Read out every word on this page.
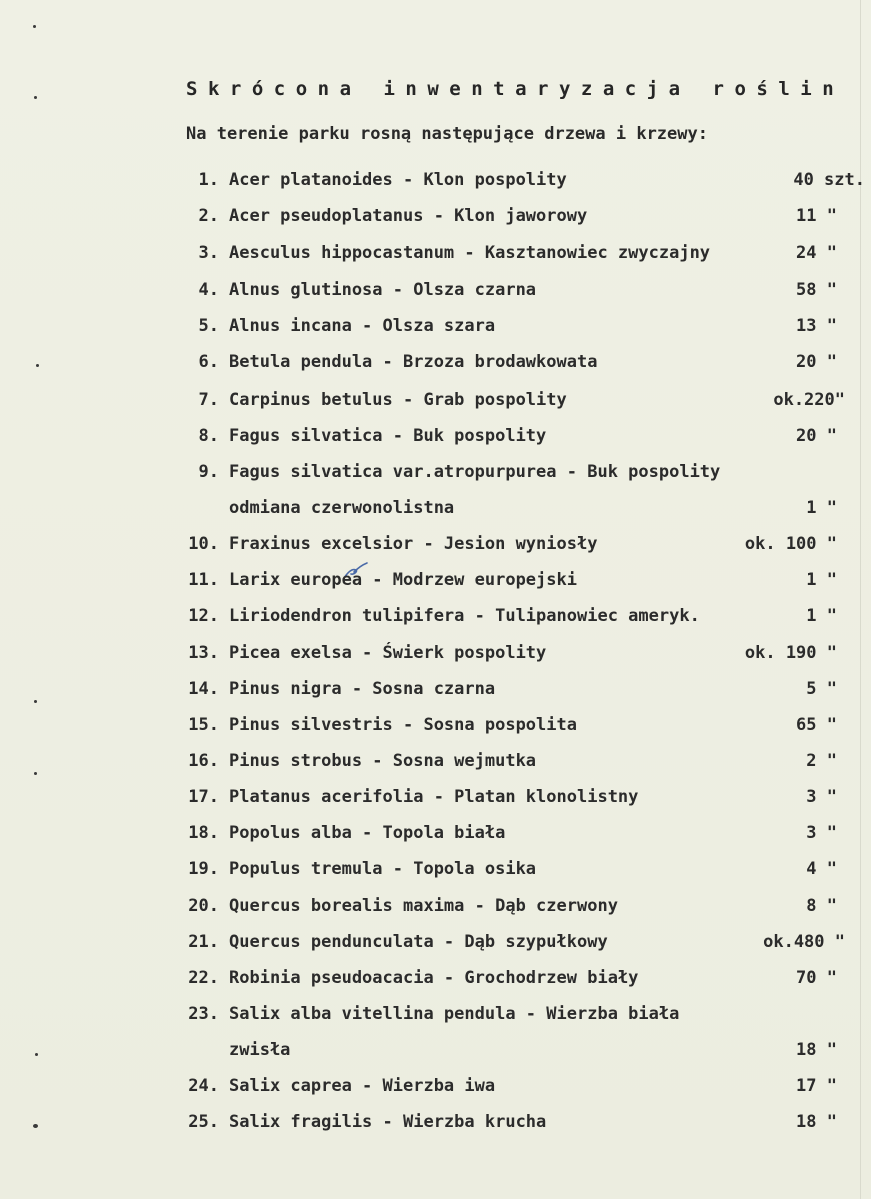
Skrócona inwentaryzacja roślin
Na terenie parku rosną następujące drzewa i krzewy:
1. Acer platanoides - Klon pospolity	40 szt.
2. Acer pseudoplatanus - Klon jaworowy	11 "
3. Aesculus hippocastanum - Kasztanowiec zwyczajny	24 "
4. Alnus glutinosa - Olsza czarna	58 "
5. Alnus incana - Olsza szara	13 "
6. Betula pendula - Brzoza brodawkowata	20 "
7. Carpinus betulus - Grab pospolity	ok.220"
8. Fagus silvatica - Buk pospolity	20 "
9. Fagus silvatica var.atropurpurea - Buk pospolity
odmiana czerwonolistna	1 "
10. Fraxinus excelsior - Jesion wyniosły	ok. 100 "
11. Larix europea - Modrzew europejski	1 "
12. Liriodendron tulipifera - Tulipanowiec ameryk.	1 "
13. Picea exelsa - Świerk pospolity	ok. 190 "
14. Pinus nigra - Sosna czarna	5 "
15. Pinus silvestris - Sosna pospolita	65 "
16. Pinus strobus - Sosna wejmutka	2 "
17. Platanus acerifolia - Platan klonolistny	3 "
18. Popolus alba - Topola biała	3 "
19. Populus tremula - Topola osika	4 "
20. Quercus borealis maxima - Dąb czerwony	8 "
21. Quercus pendunculata - Dąb szypułkowy	ok.480 "
22. Robinia pseudoacacia - Grochodrzew biały	70 "
23. Salix alba vitellina pendula - Wierzba biała
zwisła	18 "
24. Salix caprea - Wierzba iwa	17 "
25. Salix fragilis - Wierzba krucha	18 "
